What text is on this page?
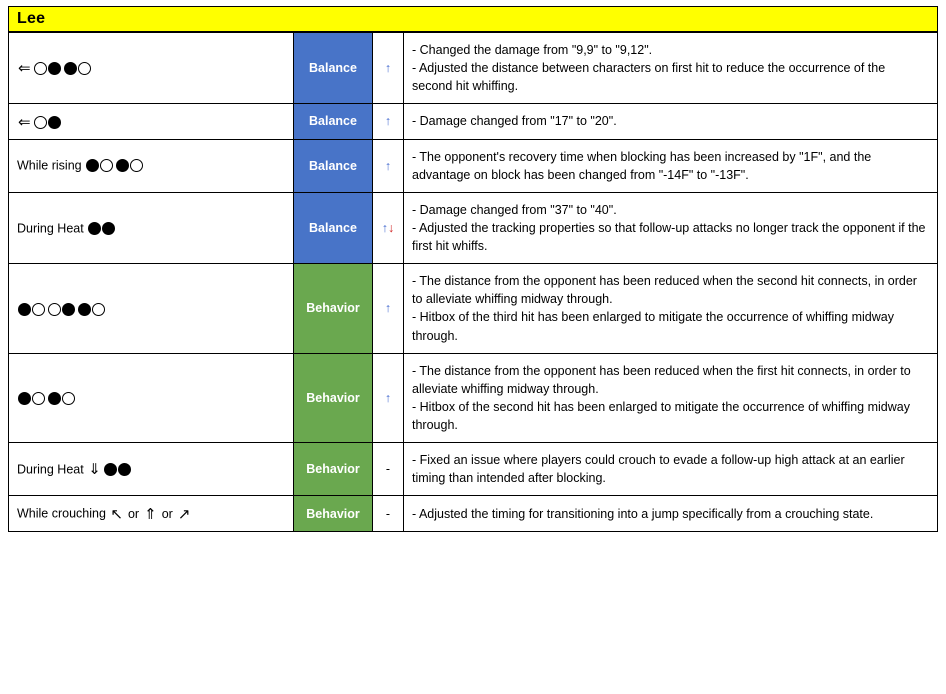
Lee
⇐	Balance	↑	- Changed the damage from "9,9" to "9,12".
- Adjusted the distance between characters on first hit to reduce the occurrence of the second hit whiffing.

⇐	Balance	↑	- Damage changed from "17" to "20".

While rising	Balance	↑	- The opponent's recovery time when blocking has been increased by "1F", and the advantage on block has been changed from "-14F" to "-13F".

During Heat	Balance	↑↓	- Damage changed from "37" to "40".
- Adjusted the tracking properties so that follow-up attacks no longer track the opponent if the first hit whiffs.

	Behavior	↑	- The distance from the opponent has been reduced when the second hit connects, in order to alleviate whiffing midway through.
- Hitbox of the third hit has been enlarged to mitigate the occurrence of whiffing midway through.

	Behavior	↑	- The distance from the opponent has been reduced when the first hit connects, in order to alleviate whiffing midway through.
- Hitbox of the second hit has been enlarged to mitigate the occurrence of whiffing midway through.

During Heat ⇓	Behavior	-	- Fixed an issue where players could crouch to evade a follow-up high attack at an earlier timing than intended after blocking.

While crouching ↖ or ⇑ or ↗	Behavior	-	- Adjusted the timing for transitioning into a jump specifically from a crouching state.
